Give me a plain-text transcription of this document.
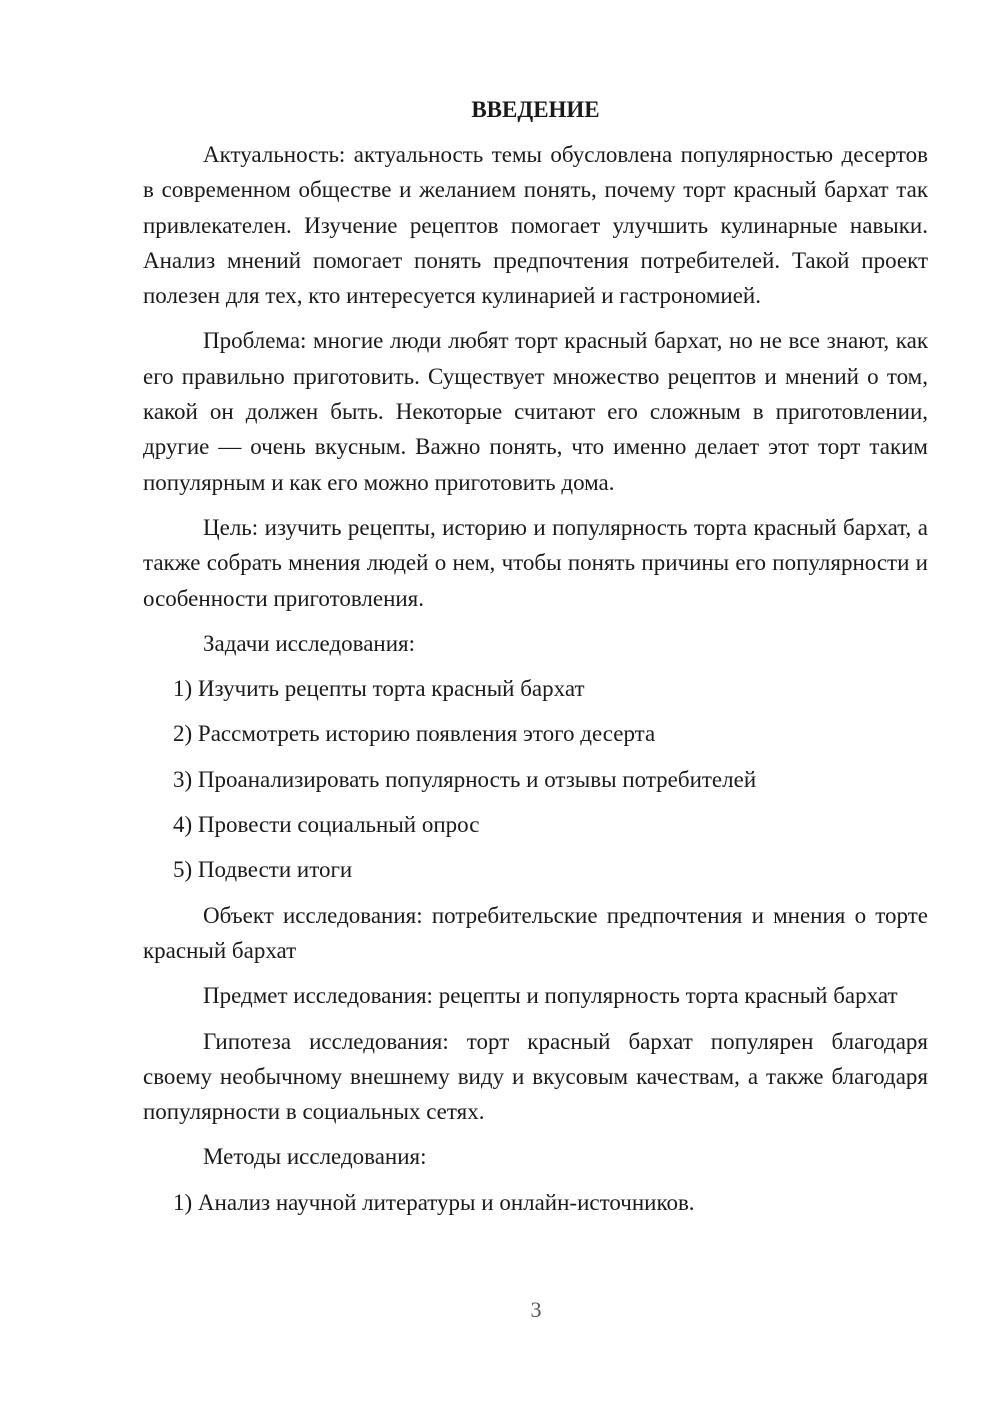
ВВЕДЕНИЕ

Актуальность: актуальность темы обусловлена популярностью десертов в современном обществе и желанием понять, почему торт красный бархат так привлекателен. Изучение рецептов помогает улучшить кулинарные навыки. Анализ мнений помогает понять предпочтения потребителей. Такой проект полезен для тех, кто интересуется кулинарией и гастрономией.

Проблема: многие люди любят торт красный бархат, но не все знают, как его правильно приготовить. Существует множество рецептов и мнений о том, какой он должен быть. Некоторые считают его сложным в приготовлении, другие — очень вкусным. Важно понять, что именно делает этот торт таким популярным и как его можно приготовить дома.

Цель: изучить рецепты, историю и популярность торта красный бархат, а также собрать мнения людей о нем, чтобы понять причины его популярности и особенности приготовления.

Задачи исследования:

1) Изучить рецепты торта красный бархат
2) Рассмотреть историю появления этого десерта
3) Проанализировать популярность и отзывы потребителей
4) Провести социальный опрос
5) Подвести итоги

Объект исследования: потребительские предпочтения и мнения о торте красный бархат

Предмет исследования: рецепты и популярность торта красный бархат

Гипотеза исследования: торт красный бархат популярен благодаря своему необычному внешнему виду и вкусовым качествам, а также благодаря популярности в социальных сетях.

Методы исследования:

1) Анализ научной литературы и онлайн-источников.
3
